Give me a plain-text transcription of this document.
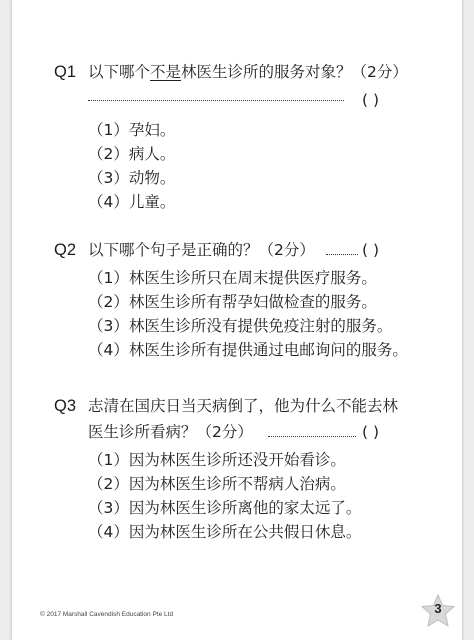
Q1 以下哪个不是林医生诊所的服务对象？（2分）
( )
（1）孕妇。
（2）病人。
（3）动物。
（4）儿童。
Q2 以下哪个句子是正确的？（2分）	( )
（1）林医生诊所只在周末提供医疗服务。
（2）林医生诊所有帮孕妇做检查的服务。
（3）林医生诊所没有提供免疫注射的服务。
（4）林医生诊所有提供通过电邮询问的服务。
Q3 志清在国庆日当天病倒了，他为什么不能去林
医生诊所看病？（2分）	( )
（1）因为林医生诊所还没开始看诊。
（2）因为林医生诊所不帮病人治病。
（3）因为林医生诊所离他的家太远了。
（4）因为林医生诊所在公共假日休息。
© 2017 Marshall Cavendish Education Pte Ltd	3
